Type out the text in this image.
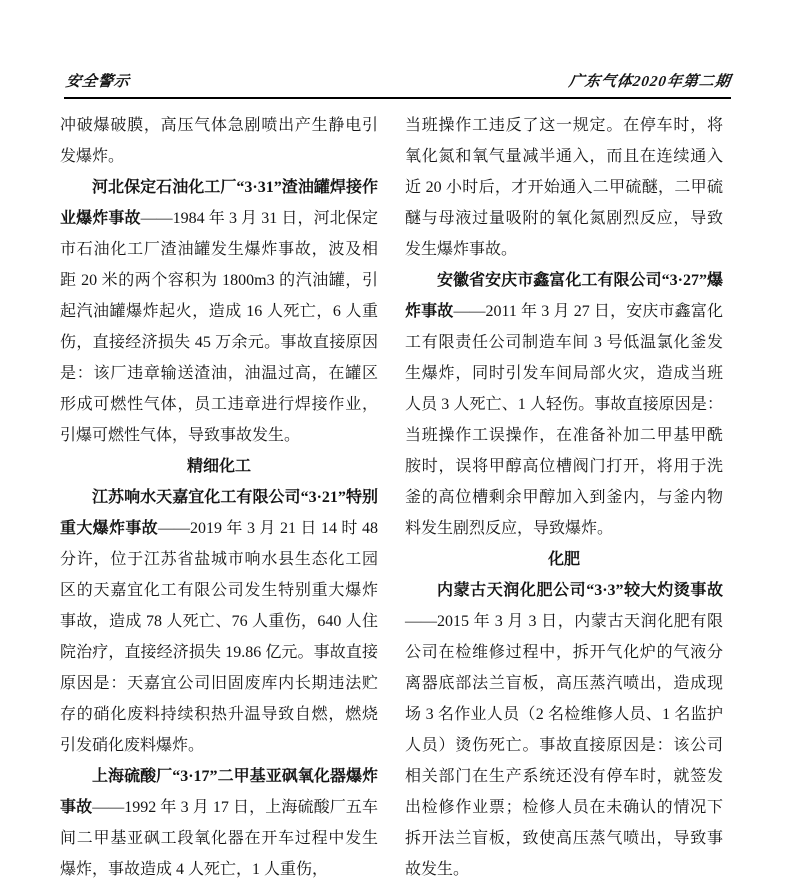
安全警示	广东气体2020年第二期

冲破爆破膜，高压气体急剧喷出产生静电引发爆炸。

河北保定石油化工厂“3·31”渣油罐焊接作业爆炸事故——1984 年 3 月 31 日，河北保定市石油化工厂渣油罐发生爆炸事故，波及相距 20 米的两个容积为 1800m3 的汽油罐，引起汽油罐爆炸起火，造成 16 人死亡，6 人重伤，直接经济损失 45 万余元。事故直接原因是：该厂违章输送渣油，油温过高，在罐区形成可燃性气体，员工违章进行焊接作业，引爆可燃性气体，导致事故发生。

精细化工

江苏响水天嘉宜化工有限公司“3·21”特别重大爆炸事故——2019 年 3 月 21 日 14 时 48 分许，位于江苏省盐城市响水县生态化工园区的天嘉宜化工有限公司发生特别重大爆炸事故，造成 78 人死亡、76 人重伤，640 人住院治疗，直接经济损失 19.86 亿元。事故直接原因是：天嘉宜公司旧固废库内长期违法贮存的硝化废料持续积热升温导致自燃，燃烧引发硝化废料爆炸。

上海硫酸厂“3·17”二甲基亚砜氧化器爆炸事故——1992 年 3 月 17 日，上海硫酸厂五车间二甲基亚砜工段氧化器在开车过程中发生爆炸，事故造成 4 人死亡，1 人重伤，

当班操作工违反了这一规定。在停车时，将氧化氮和氧气量减半通入，而且在连续通入近 20 小时后，才开始通入二甲硫醚，二甲硫醚与母液过量吸附的氧化氮剧烈反应，导致发生爆炸事故。

安徽省安庆市鑫富化工有限公司“3·27”爆炸事故——2011 年 3 月 27 日，安庆市鑫富化工有限责任公司制造车间 3 号低温氯化釜发生爆炸，同时引发车间局部火灾，造成当班人员 3 人死亡、1 人轻伤。事故直接原因是：当班操作工误操作，在准备补加二甲基甲酰胺时，误将甲醇高位槽阀门打开，将用于洗釜的高位槽剩余甲醇加入到釜内，与釜内物料发生剧烈反应，导致爆炸。

化肥

内蒙古天润化肥公司“3·3”较大灼烫事故——2015 年 3 月 3 日，内蒙古天润化肥有限公司在检维修过程中，拆开气化炉的气液分离器底部法兰盲板，高压蒸汽喷出，造成现场 3 名作业人员（2 名检维修人员、1 名监护人员）烫伤死亡。事故直接原因是：该公司相关部门在生产系统还没有停车时，就签发出检修作业票；检修人员在未确认的情况下拆开法兰盲板，致使高压蒸气喷出，导致事故发生。
